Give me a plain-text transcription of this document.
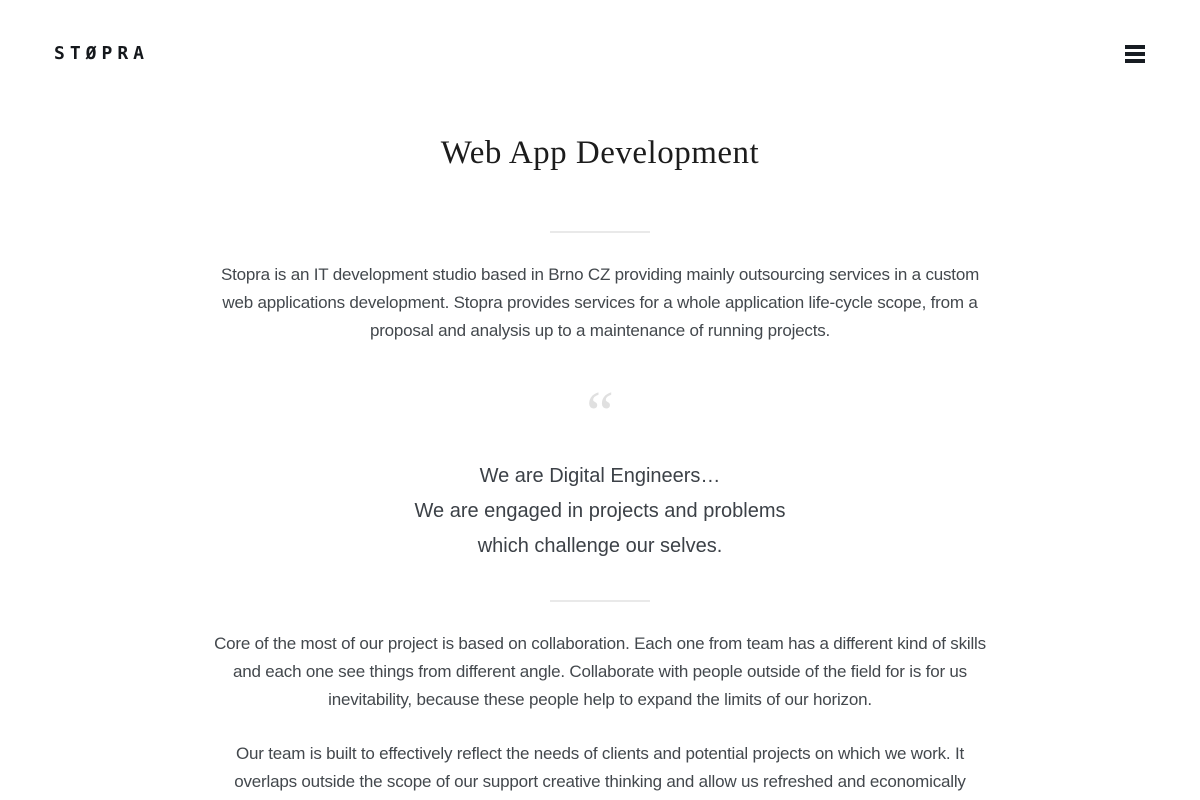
STØPRA
Web App Development

Stopra is an IT development studio based in Brno CZ providing mainly outsourcing services in a custom web applications development. Stopra provides services for a whole application life-cycle scope, from a proposal and analysis up to a maintenance of running projects.

“
We are Digital Engineers…
We are engaged in projects and problems
which challenge our selves.

Core of the most of our project is based on collaboration. Each one from team has a different kind of skills and each one see things from different angle. Collaborate with people outside of the field for is for us inevitability, because these people help to expand the limits of our horizon.

Our team is built to effectively reflect the needs of clients and potential projects on which we work. It overlaps outside the scope of our support creative thinking and allow us refreshed and economically
